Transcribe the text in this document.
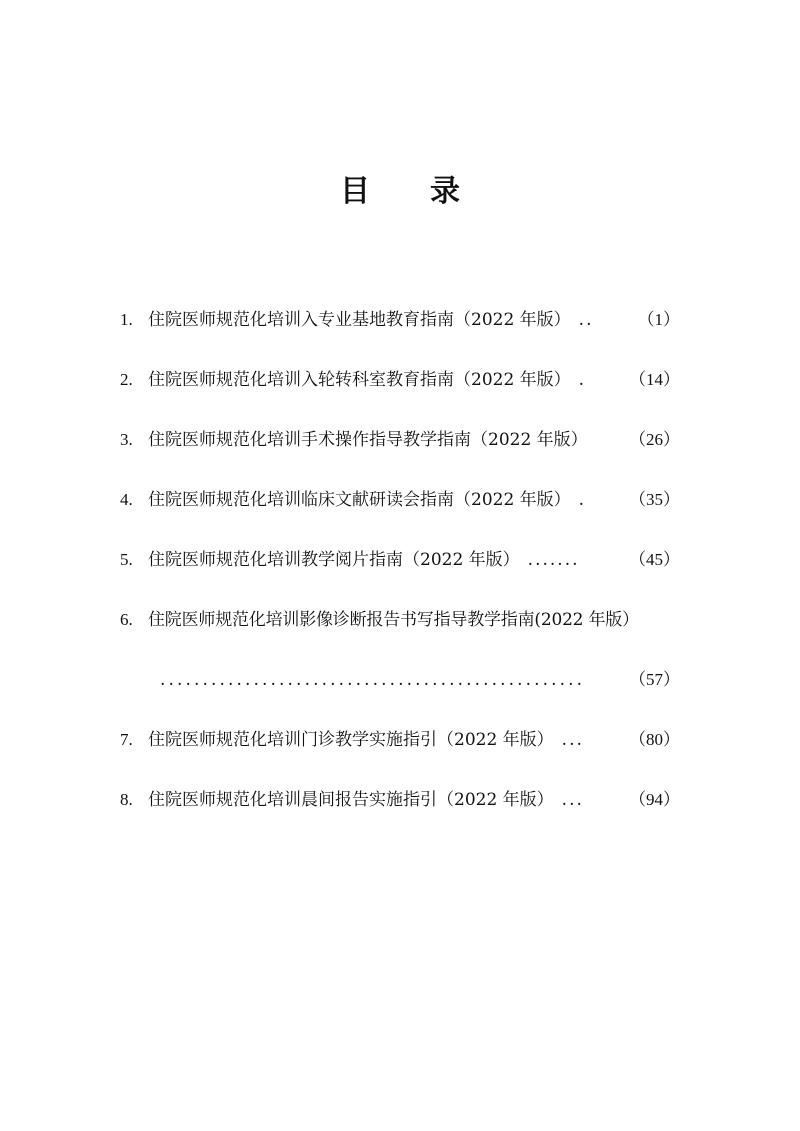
目 录
1. 住院医师规范化培训入专业基地教育指南（2022 年版） ..	（1）
2. 住院医师规范化培训入轮转科室教育指南（2022 年版） .	（14）
3. 住院医师规范化培训手术操作指导教学指南（2022 年版） （26）
4. 住院医师规范化培训临床文献研读会指南（2022 年版） .	（35）
5. 住院医师规范化培训教学阅片指南（2022 年版） .......	（45）
6. 住院医师规范化培训影像诊断报告书写指导教学指南(2022 年版）
..................................................	（57）
7. 住院医师规范化培训门诊教学实施指引（2022 年版） ...	（80）
8. 住院医师规范化培训晨间报告实施指引（2022 年版） ...	（94）
